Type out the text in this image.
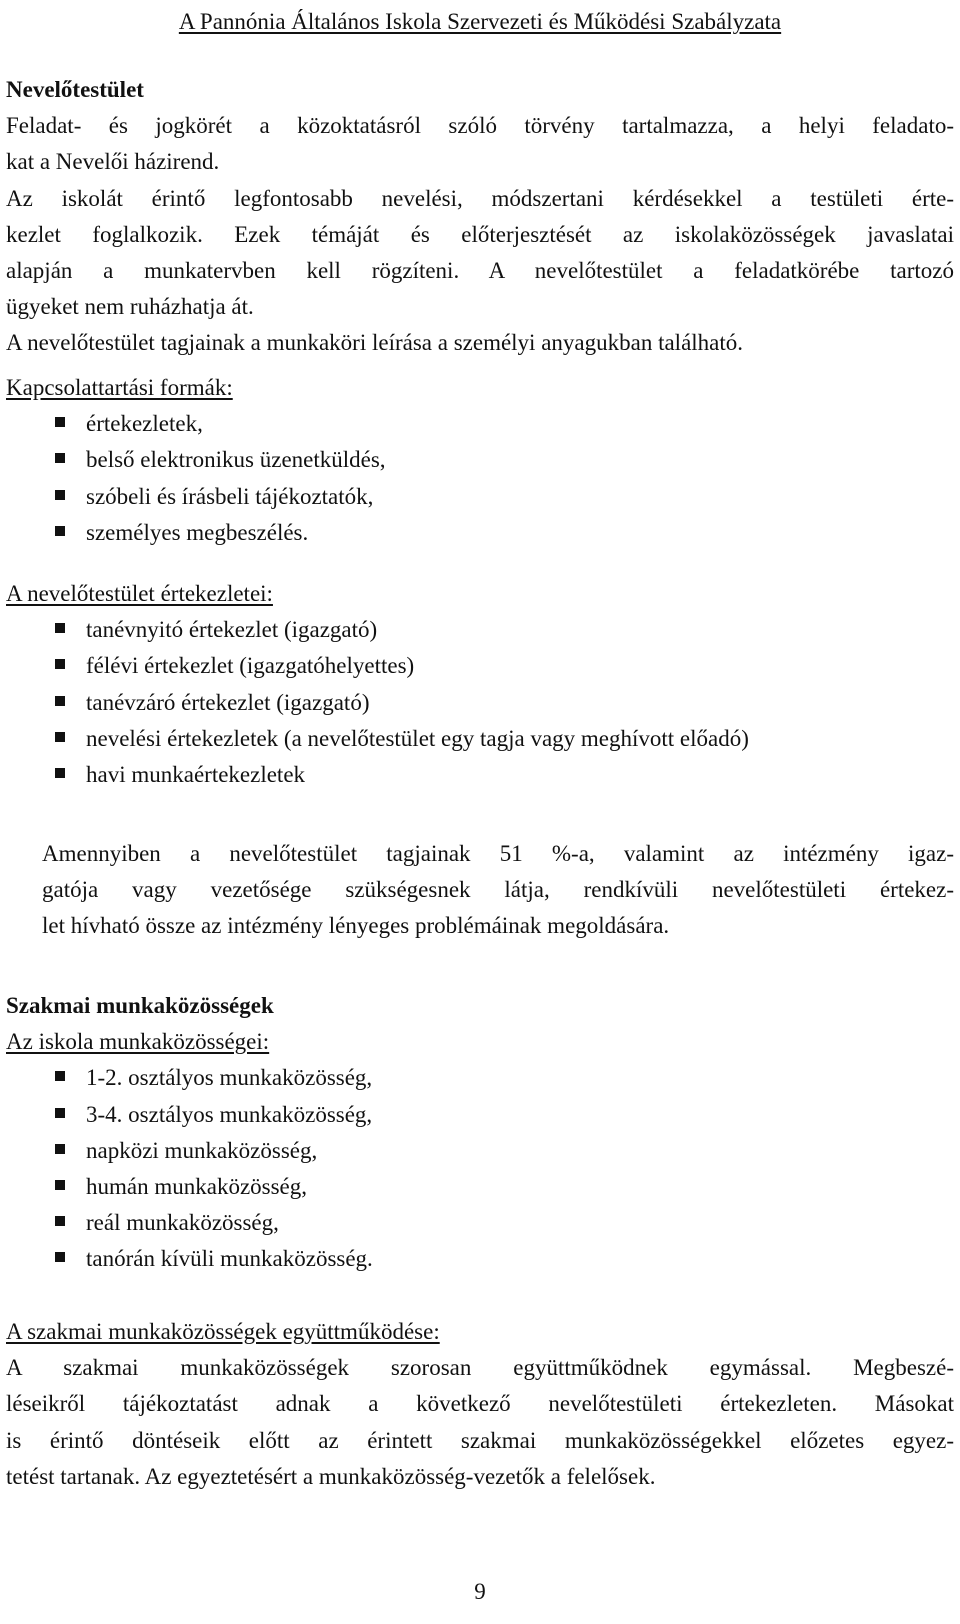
A Pannónia Általános Iskola Szervezeti és Működési Szabályzata

Nevelőtestület

Feladat- és jogkörét a közoktatásról szóló törvény tartalmazza, a helyi feladato-
kat a Nevelői házirend.
Az iskolát érintő legfontosabb nevelési, módszertani kérdésekkel a testületi érte-
kezlet foglalkozik. Ezek témáját és előterjesztését az iskolaközösségek javaslatai
alapján a munkatervben kell rögzíteni. A nevelőtestület a feladatkörébe tartozó
ügyeket nem ruházhatja át.
A nevelőtestület tagjainak a munkaköri leírása a személyi anyagukban található.

Kapcsolattartási formák:

értekezletek,
belső elektronikus üzenetküldés,
szóbeli és írásbeli tájékoztatók,
személyes megbeszélés.

A nevelőtestület értekezletei:

tanévnyitó értekezlet (igazgató)
félévi értekezlet (igazgatóhelyettes)
tanévzáró értekezlet (igazgató)
nevelési értekezletek (a nevelőtestület egy tagja vagy meghívott előadó)
havi munkaértekezletek

Amennyiben a nevelőtestület tagjainak 51 %-a, valamint az intézmény igaz-
gatója vagy vezetősége szükségesnek látja, rendkívüli nevelőtestületi értekez-
let hívható össze az intézmény lényeges problémáinak megoldására.

Szakmai munkaközösségek

Az iskola munkaközösségei:

1-2. osztályos munkaközösség,
3-4. osztályos munkaközösség,
napközi munkaközösség,
humán munkaközösség,
reál munkaközösség,
tanórán kívüli munkaközösség.

A szakmai munkaközösségek együttműködése:

A szakmai munkaközösségek szorosan együttműködnek egymással. Megbeszé-
léseikről tájékoztatást adnak a következő nevelőtestületi értekezleten. Másokat
is érintő döntéseik előtt az érintett szakmai munkaközösségekkel előzetes egyez-
tetést tartanak. Az egyeztetésért a munkaközösség-vezetők a felelősek.

9
